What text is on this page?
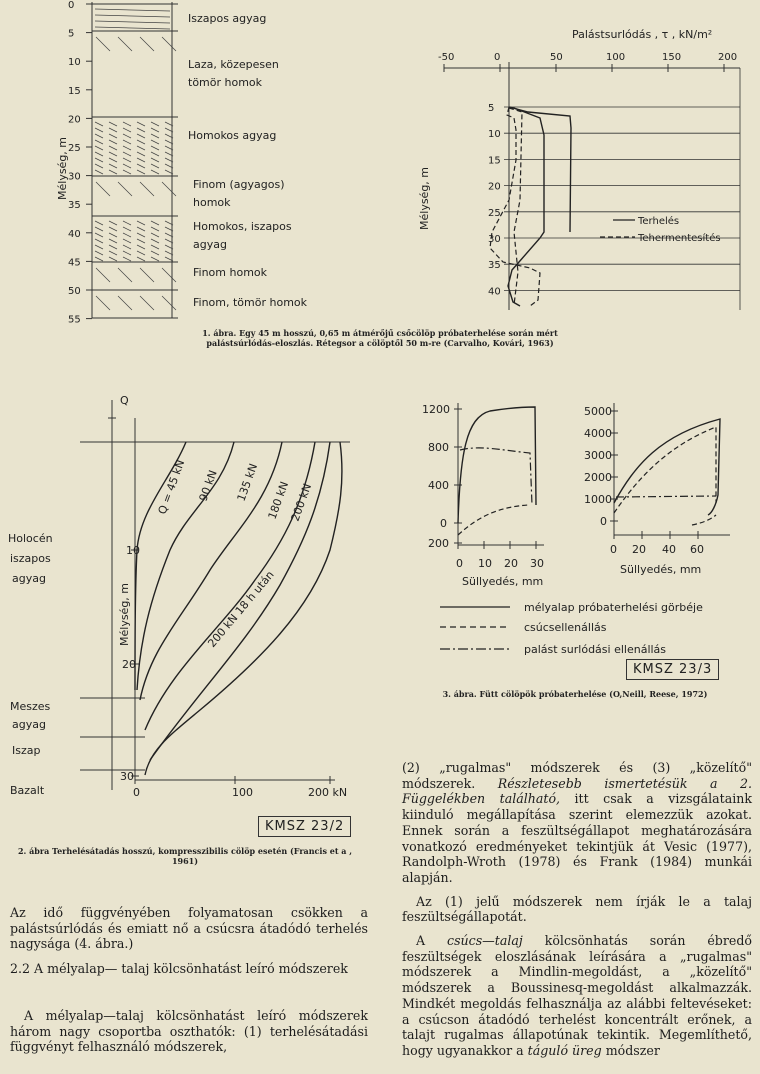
0
5
10
15
20
25
30
35
40
45
50
55
Mélység, m
Iszapos agyag
Laza, közepesen
tömör homok
Homokos agyag
Finom (agyagos)
homok
Homokos, iszapos
agyag
Finom homok
Finom, tömör homok
Palástsurlódás , τ , kN/m²
-50	0	50	100	150	200
5
10
15
20
25
30
35
40
Mélység, m	Terhelés
Tehermentesítés
1. ábra. Egy 45 m hosszú, 0,65 m átmérőjű csőcölöp próbaterhelése során mért palástsúrlódás-eloszlás. Rétegsor a cölöptől 50 m-re (Carvalho, Kovári, 1963)
Q
Holocén
iszapos
agyag
Meszes
agyag
Iszap
Bazalt
Mélység, m
10
20
30
0	100	200 kN
Q = 45 kN 90 kN 135 kN 180 kN
200 kN
200 kN 18 h után
KMSZ 23/2
2. ábra Terhelésátadás hosszú, kompresszibilis cölöp esetén (Francis et a , 1961)
1200
800
400
0
200
0 10 20 30
Süllyedés, mm
5000
4000
3000
2000
1000
0
0 20 40 60
Süllyedés, mm
mélyalap próbaterhelési görbéje
csúcsellenállás
palást surlódási ellenállás
KMSZ 23/3
3. ábra. Fütt cölöpök próbaterhelése (O,Neill, Reese, 1972)

Az idő függvényében folyamatosan csökken a palástsúrlódás és emiatt nő a csúcsra átadódó terhelés nagysága (4. ábra.)

2.2 A mélyalap— talaj kölcsönhatást leíró módszerek

A mélyalap—talaj kölcsönhatást leíró módszerek három nagy csoportba oszthatók: (1) terhelésátadási függvényt felhasználó módszerek,

(2) „rugalmas" módszerek és (3) „közelítő" módszerek. Részletesebb ismertetésük a 2. Függelékben található, itt csak a vizsgálataink kiinduló megállapítása szerint elemezzük azokat. Ennek során a feszültségállapot meghatározására vonatkozó eredményeket tekintjük át Vesic (1977), Randolph-Wroth (1978) és Frank (1984) munkái alapján.

Az (1) jelű módszerek nem írják le a talaj feszültségállapotát.

A csúcs—talaj kölcsönhatás során ébredő feszültségek eloszlásának leírására a „rugalmas" módszerek a Mindlin-megoldást, a „közelítő" módszerek a Boussinesq-megoldást alkalmazzák. Mindkét megoldás felhasználja az alábbi feltevéseket: a csúcson átadódó terhelést koncentrált erőnek, a talajt rugalmas állapotúnak tekintik. Megemlíthető, hogy ugyanakkor a táguló üreg módszer
